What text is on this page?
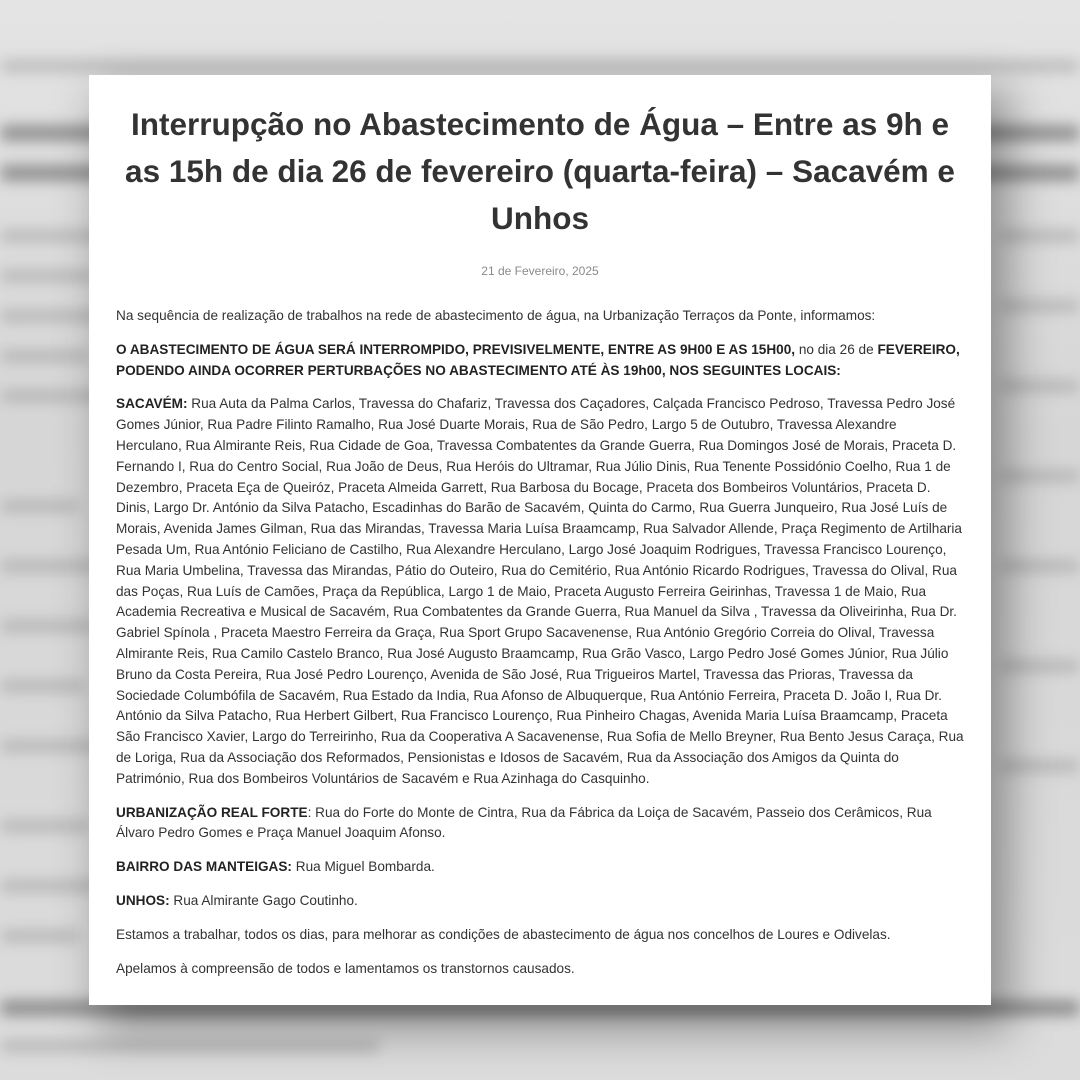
Interrupção no Abastecimento de Água – Entre as 9h e as 15h de dia 26 de fevereiro (quarta-feira) – Sacavém e Unhos
21 de Fevereiro, 2025

Na sequência de realização de trabalhos na rede de abastecimento de água, na Urbanização Terraços da Ponte, informamos:

O ABASTECIMENTO DE ÁGUA SERÁ INTERROMPIDO, PREVISIVELMENTE, ENTRE AS 9H00 E AS 15H00, no dia 26 de FEVEREIRO, PODENDO AINDA OCORRER PERTURBAÇÕES NO ABASTECIMENTO ATÉ ÀS 19h00, NOS SEGUINTES LOCAIS:

SACAVÉM: Rua Auta da Palma Carlos, Travessa do Chafariz, Travessa dos Caçadores, Calçada Francisco Pedroso, Travessa Pedro José Gomes Júnior, Rua Padre Filinto Ramalho, Rua José Duarte Morais, Rua de São Pedro, Largo 5 de Outubro, Travessa Alexandre Herculano, Rua Almirante Reis, Rua Cidade de Goa, Travessa Combatentes da Grande Guerra, Rua Domingos José de Morais, Praceta D. Fernando I, Rua do Centro Social, Rua João de Deus, Rua Heróis do Ultramar, Rua Júlio Dinis, Rua Tenente Possidónio Coelho, Rua 1 de Dezembro, Praceta Eça de Queiróz, Praceta Almeida Garrett, Rua Barbosa du Bocage, Praceta dos Bombeiros Voluntários, Praceta D. Dinis, Largo Dr. António da Silva Patacho, Escadinhas do Barão de Sacavém, Quinta do Carmo, Rua Guerra Junqueiro, Rua José Luís de Morais, Avenida James Gilman, Rua das Mirandas, Travessa Maria Luísa Braamcamp, Rua Salvador Allende, Praça Regimento de Artilharia Pesada Um, Rua António Feliciano de Castilho, Rua Alexandre Herculano, Largo José Joaquim Rodrigues, Travessa Francisco Lourenço, Rua Maria Umbelina, Travessa das Mirandas, Pátio do Outeiro, Rua do Cemitério, Rua António Ricardo Rodrigues, Travessa do Olival, Rua das Poças, Rua Luís de Camões, Praça da República, Largo 1 de Maio, Praceta Augusto Ferreira Geirinhas, Travessa 1 de Maio, Rua Academia Recreativa e Musical de Sacavém, Rua Combatentes da Grande Guerra, Rua Manuel da Silva , Travessa da Oliveirinha, Rua Dr. Gabriel Spínola , Praceta Maestro Ferreira da Graça, Rua Sport Grupo Sacavenense, Rua António Gregório Correia do Olival, Travessa Almirante Reis, Rua Camilo Castelo Branco, Rua José Augusto Braamcamp, Rua Grão Vasco, Largo Pedro José Gomes Júnior, Rua Júlio Bruno da Costa Pereira, Rua José Pedro Lourenço, Avenida de São José, Rua Trigueiros Martel, Travessa das Prioras, Travessa da Sociedade Columbófila de Sacavém, Rua Estado da India, Rua Afonso de Albuquerque, Rua António Ferreira, Praceta D. João I, Rua Dr. António da Silva Patacho, Rua Herbert Gilbert, Rua Francisco Lourenço, Rua Pinheiro Chagas, Avenida Maria Luísa Braamcamp, Praceta São Francisco Xavier, Largo do Terreirinho, Rua da Cooperativa A Sacavenense, Rua Sofia de Mello Breyner, Rua Bento Jesus Caraça, Rua de Loriga, Rua da Associação dos Reformados, Pensionistas e Idosos de Sacavém, Rua da Associação dos Amigos da Quinta do Património, Rua dos Bombeiros Voluntários de Sacavém e Rua Azinhaga do Casquinho.

URBANIZAÇÃO REAL FORTE: Rua do Forte do Monte de Cintra, Rua da Fábrica da Loiça de Sacavém, Passeio dos Cerâmicos, Rua Álvaro Pedro Gomes e Praça Manuel Joaquim Afonso.

BAIRRO DAS MANTEIGAS: Rua Miguel Bombarda.

UNHOS: Rua Almirante Gago Coutinho.

Estamos a trabalhar, todos os dias, para melhorar as condições de abastecimento de água nos concelhos de Loures e Odivelas.

Apelamos à compreensão de todos e lamentamos os transtornos causados.
